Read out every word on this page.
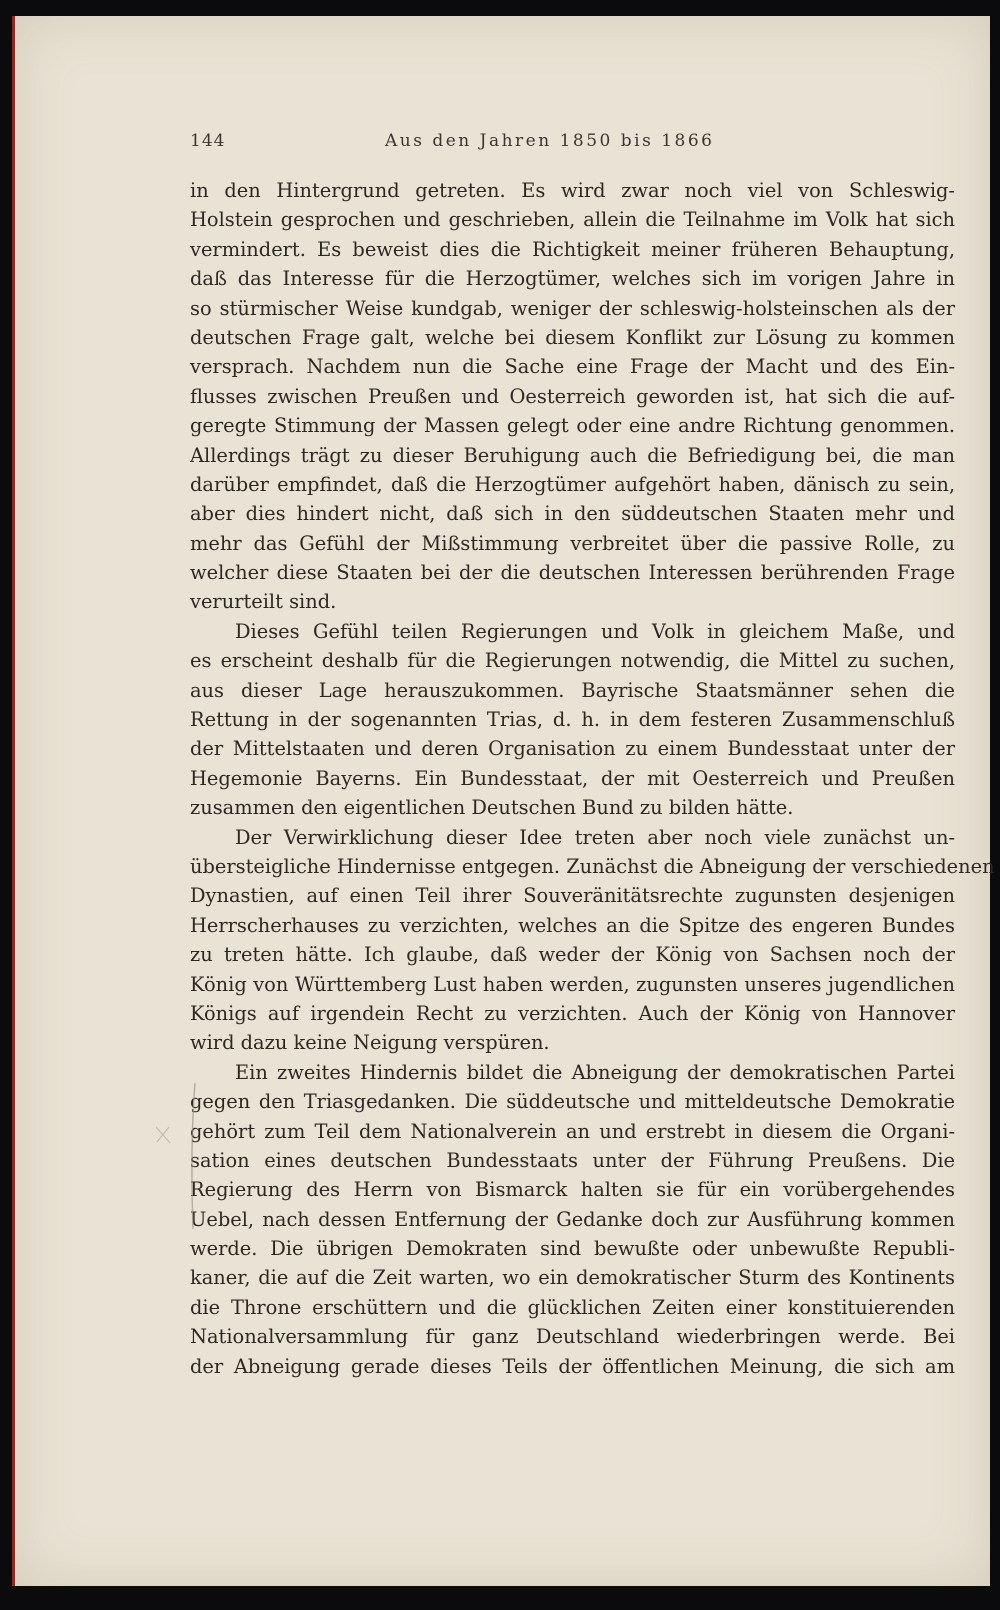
144	Aus den Jahren 1850 bis 1866
in den Hintergrund getreten. Es wird zwar noch viel von Schleswig-
Holstein gesprochen und geschrieben, allein die Teilnahme im Volk hat sich
vermindert. Es beweist dies die Richtigkeit meiner früheren Behauptung,
daß das Interesse für die Herzogtümer, welches sich im vorigen Jahre in
so stürmischer Weise kundgab, weniger der schleswig-holsteinschen als der
deutschen Frage galt, welche bei diesem Konflikt zur Lösung zu kommen
versprach. Nachdem nun die Sache eine Frage der Macht und des Ein-
flusses zwischen Preußen und Oesterreich geworden ist, hat sich die auf-
geregte Stimmung der Massen gelegt oder eine andre Richtung genommen.
Allerdings trägt zu dieser Beruhigung auch die Befriedigung bei, die man
darüber empfindet, daß die Herzogtümer aufgehört haben, dänisch zu sein,
aber dies hindert nicht, daß sich in den süddeutschen Staaten mehr und
mehr das Gefühl der Mißstimmung verbreitet über die passive Rolle, zu
welcher diese Staaten bei der die deutschen Interessen berührenden Frage
verurteilt sind.
Dieses Gefühl teilen Regierungen und Volk in gleichem Maße, und
es erscheint deshalb für die Regierungen notwendig, die Mittel zu suchen,
aus dieser Lage herauszukommen. Bayrische Staatsmänner sehen die
Rettung in der sogenannten Trias, d. h. in dem festeren Zusammenschluß
der Mittelstaaten und deren Organisation zu einem Bundesstaat unter der
Hegemonie Bayerns. Ein Bundesstaat, der mit Oesterreich und Preußen
zusammen den eigentlichen Deutschen Bund zu bilden hätte.
Der Verwirklichung dieser Idee treten aber noch viele zunächst un-
übersteigliche Hindernisse entgegen. Zunächst die Abneigung der verschiedenen
Dynastien, auf einen Teil ihrer Souveränitätsrechte zugunsten desjenigen
Herrscherhauses zu verzichten, welches an die Spitze des engeren Bundes
zu treten hätte. Ich glaube, daß weder der König von Sachsen noch der
König von Württemberg Lust haben werden, zugunsten unseres jugendlichen
Königs auf irgendein Recht zu verzichten. Auch der König von Hannover
wird dazu keine Neigung verspüren.
Ein zweites Hindernis bildet die Abneigung der demokratischen Partei
gegen den Triasgedanken. Die süddeutsche und mitteldeutsche Demokratie
gehört zum Teil dem Nationalverein an und erstrebt in diesem die Organi-
sation eines deutschen Bundesstaats unter der Führung Preußens. Die
Regierung des Herrn von Bismarck halten sie für ein vorübergehendes
Uebel, nach dessen Entfernung der Gedanke doch zur Ausführung kommen
werde. Die übrigen Demokraten sind bewußte oder unbewußte Republi-
kaner, die auf die Zeit warten, wo ein demokratischer Sturm des Kontinents
die Throne erschüttern und die glücklichen Zeiten einer konstituierenden
Nationalversammlung für ganz Deutschland wiederbringen werde. Bei
der Abneigung gerade dieses Teils der öffentlichen Meinung, die sich am
